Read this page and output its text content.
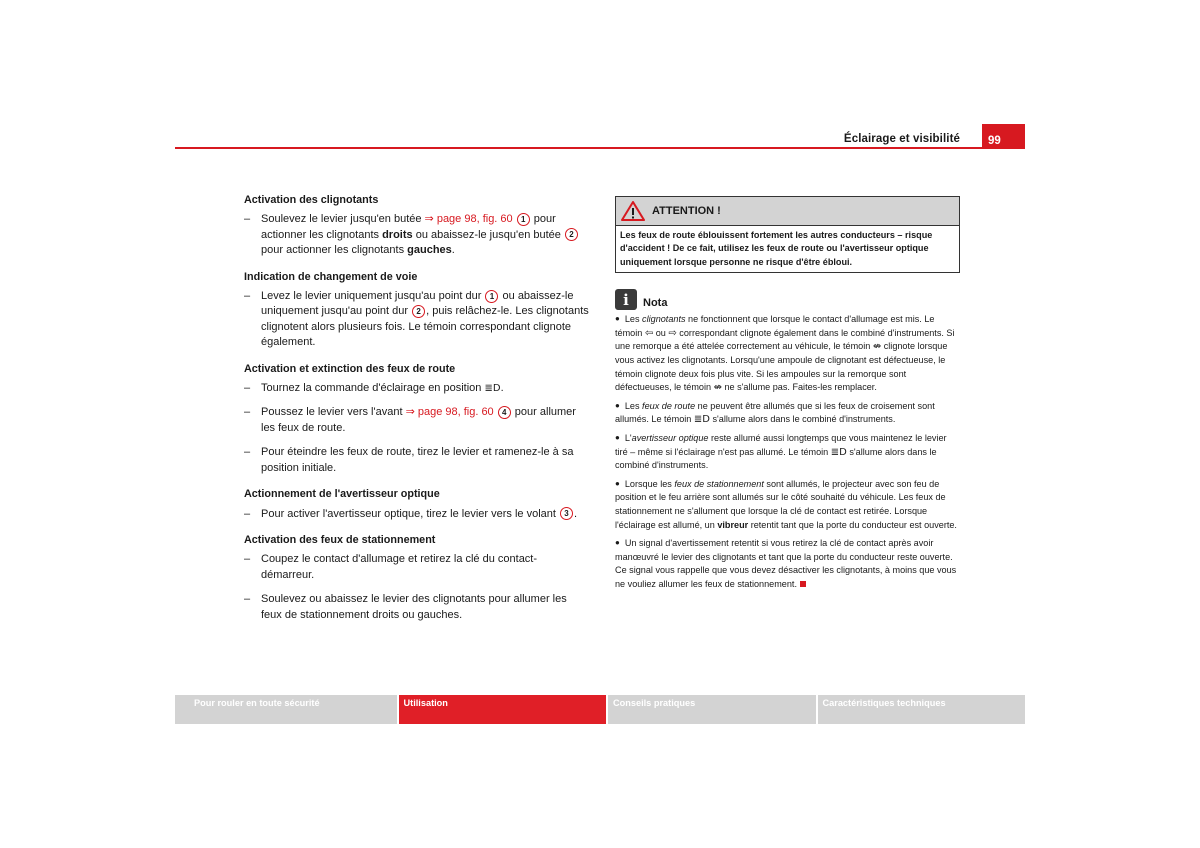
Éclairage et visibilité	99
Activation des clignotants
– Soulevez le levier jusqu'en butée ⇒ page 98, fig. 60 1 pour actionner les clignotants droits ou abaissez-le jusqu'en butée 2 pour actionner les clignotants gauches.
Indication de changement de voie
– Levez le levier uniquement jusqu'au point dur 1 ou abaissez-le uniquement jusqu'au point dur 2 , puis relâchez-le. Les clignotants clignotent alors plusieurs fois. Le témoin correspondant clignote également.
Activation et extinction des feux de route
– Tournez la commande d'éclairage en position ≣D.
– Poussez le levier vers l'avant ⇒ page 98, fig. 60 4 pour allumer les feux de route.
– Pour éteindre les feux de route, tirez le levier et ramenez-le à sa position initiale.
Actionnement de l'avertisseur optique
– Pour activer l'avertisseur optique, tirez le levier vers le volant 3 .
Activation des feux de stationnement
– Coupez le contact d'allumage et retirez la clé du contact-démarreur.
– Soulevez ou abaissez le levier des clignotants pour allumer les feux de stationnement droits ou gauches.
ATTENTION !
Les feux de route éblouissent fortement les autres conducteurs – risque d'accident ! De ce fait, utilisez les feux de route ou l'avertisseur optique uniquement lorsque personne ne risque d'être ébloui.
i	Nota
● Les clignotants ne fonctionnent que lorsque le contact d'allumage est mis. Le témoin ⇦ ou ⇨ correspondant clignote également dans le combiné d'instruments. Si une remorque a été attelée correctement au véhicule, le témoin ⇎ clignote lorsque vous activez les clignotants. Lorsqu'une ampoule de clignotant est défectueuse, le témoin clignote deux fois plus vite. Si les ampoules sur la remorque sont défectueuses, le témoin ⇎ ne s'allume pas. Faites-les remplacer.
● Les feux de route ne peuvent être allumés que si les feux de croisement sont allumés. Le témoin ≣D s'allume alors dans le combiné d'instruments.
● L'avertisseur optique reste allumé aussi longtemps que vous maintenez le levier tiré – même si l'éclairage n'est pas allumé. Le témoin ≣D s'allume alors dans le combiné d'instruments.
● Lorsque les feux de stationnement sont allumés, le projecteur avec son feu de position et le feu arrière sont allumés sur le côté souhaité du véhicule. Les feux de stationnement ne s'allument que lorsque la clé de contact est retirée. Lorsque l'éclairage est allumé, un vibreur retentit tant que la porte du conducteur est ouverte.
● Un signal d'avertissement retentit si vous retirez la clé de contact après avoir manœuvré le levier des clignotants et tant que la porte du conducteur reste ouverte. Ce signal vous rappelle que vous devez désactiver les clignotants, à moins que vous ne vouliez allumer les feux de stationnement.
Pour rouler en toute sécurité	Utilisation	Conseils pratiques	Caractéristiques techniques
